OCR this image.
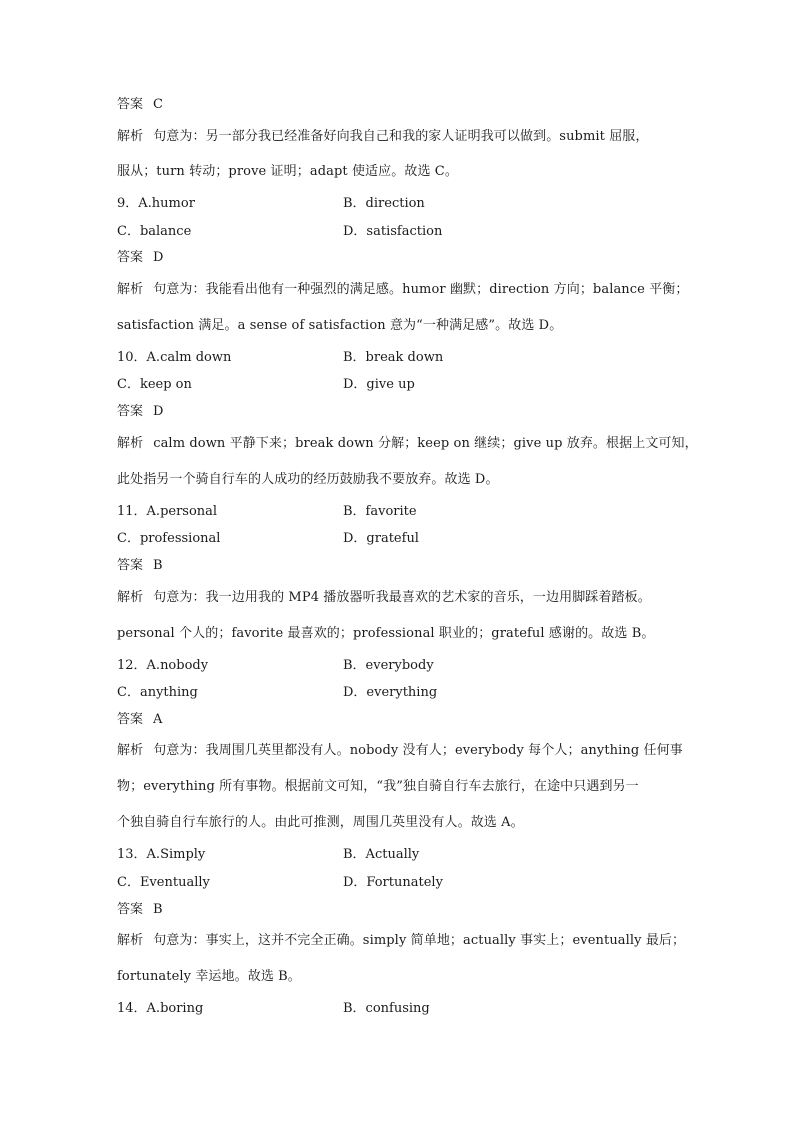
答案 C
解析 句意为：另一部分我已经准备好向我自己和我的家人证明我可以做到。submit 屈服，
服从；turn 转动；prove 证明；adapt 使适应。故选 C。
9．A.humor	B．direction
C．balance	D．satisfaction
答案 D
解析 句意为：我能看出他有一种强烈的满足感。humor 幽默；direction 方向；balance 平衡；
satisfaction 满足。a sense of satisfaction 意为“一种满足感”。故选 D。
10．A.calm down	B．break down
C．keep on	D．give up
答案 D
解析 calm down 平静下来；break down 分解；keep on 继续；give up 放弃。根据上文可知，
此处指另一个骑自行车的人成功的经历鼓励我不要放弃。故选 D。
11．A.personal	B．favorite
C．professional	D．grateful
答案 B
解析 句意为：我一边用我的 MP4 播放器听我最喜欢的艺术家的音乐，一边用脚踩着踏板。
personal 个人的；favorite 最喜欢的；professional 职业的；grateful 感谢的。故选 B。
12．A.nobody	B．everybody
C．anything	D．everything
答案 A
解析 句意为：我周围几英里都没有人。nobody 没有人；everybody 每个人；anything 任何事
物；everything 所有事物。根据前文可知，“我”独自骑自行车去旅行，在途中只遇到另一
个独自骑自行车旅行的人。由此可推测，周围几英里没有人。故选 A。
13．A.Simply	B．Actually
C．Eventually	D．Fortunately
答案 B
解析 句意为：事实上，这并不完全正确。simply 简单地；actually 事实上；eventually 最后；
fortunately 幸运地。故选 B。
14．A.boring	B．confusing
